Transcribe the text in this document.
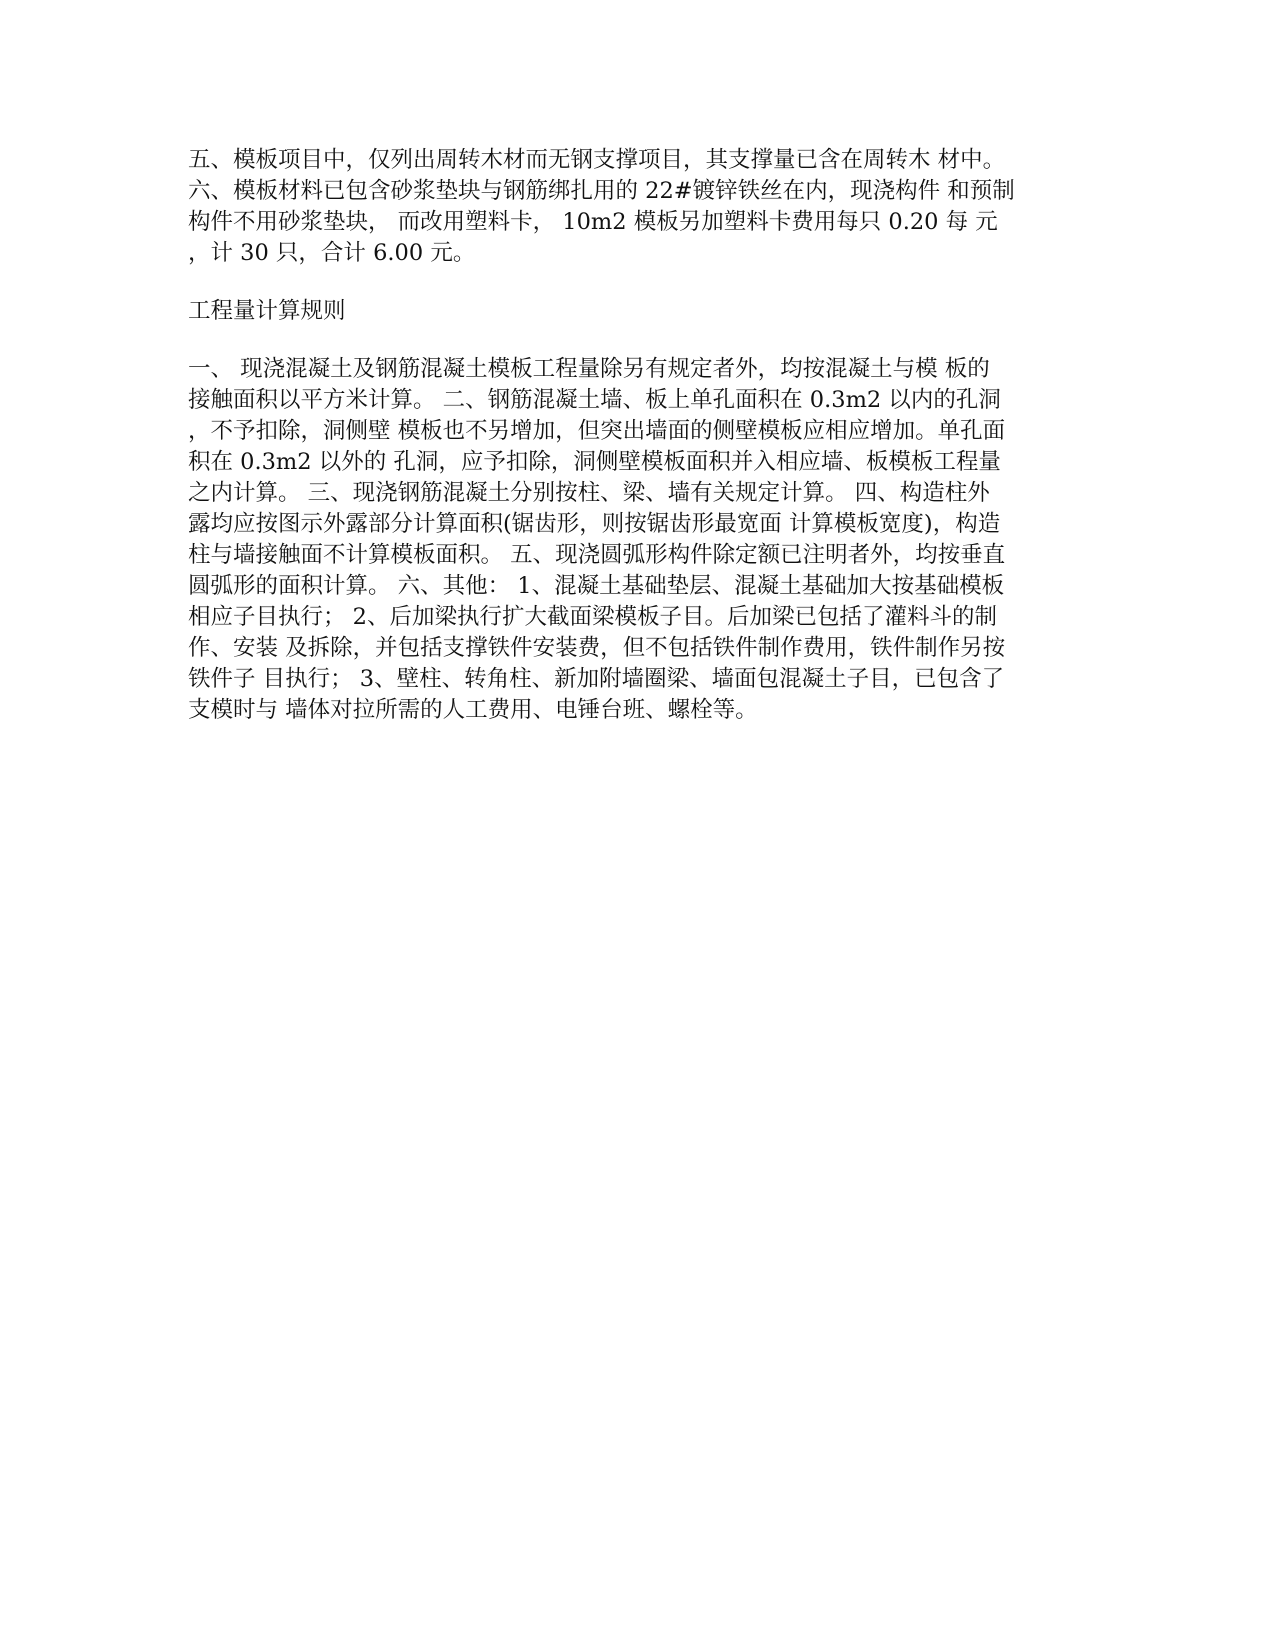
五、模板项目中，仅列出周转木材而无钢支撑项目，其支撑量已含在周转木 材中。
六、模板材料已包含砂浆垫块与钢筋绑扎用的 22#镀锌铁丝在内，现浇构件 和预制
构件不用砂浆垫块， 而改用塑料卡， 10m2 模板另加塑料卡费用每只 0.20 每 元
，计 30 只，合计 6.00 元。

工程量计算规则

一、 现浇混凝土及钢筋混凝土模板工程量除另有规定者外，均按混凝土与模 板的
接触面积以平方米计算。 二、钢筋混凝土墙、板上单孔面积在 0.3m2 以内的孔洞
，不予扣除，洞侧壁 模板也不另增加，但突出墙面的侧壁模板应相应增加。单孔面
积在 0.3m2 以外的 孔洞，应予扣除，洞侧壁模板面积并入相应墙、板模板工程量
之内计算。 三、现浇钢筋混凝土分别按柱、梁、墙有关规定计算。 四、构造柱外
露均应按图示外露部分计算面积(锯齿形，则按锯齿形最宽面 计算模板宽度)，构造
柱与墙接触面不计算模板面积。 五、现浇圆弧形构件除定额已注明者外，均按垂直
圆弧形的面积计算。 六、其他： 1、混凝土基础垫层、混凝土基础加大按基础模板
相应子目执行； 2、后加梁执行扩大截面梁模板子目。后加梁已包括了灌料斗的制
作、安装 及拆除，并包括支撑铁件安装费，但不包括铁件制作费用，铁件制作另按
铁件子 目执行； 3、壁柱、转角柱、新加附墙圈梁、墙面包混凝土子目，已包含了
支模时与 墙体对拉所需的人工费用、电锤台班、螺栓等。
